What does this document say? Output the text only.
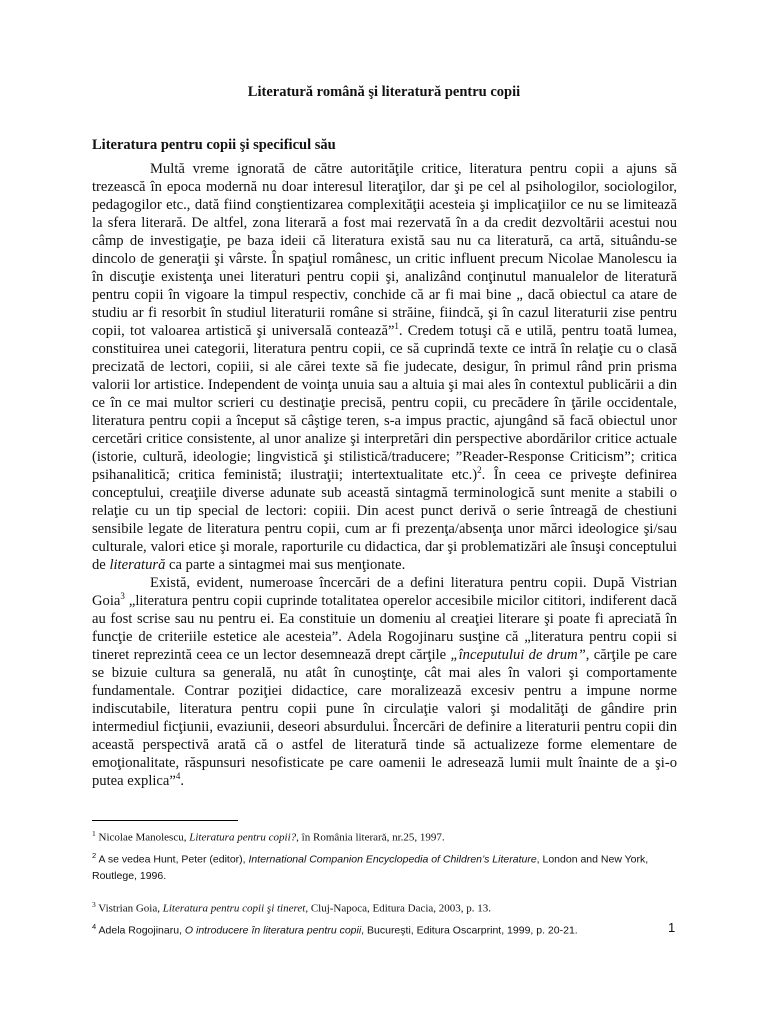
Literatură română şi literatură pentru copii
Literatura pentru copii şi specificul său

Multă vreme ignorată de către autorităţile critice, literatura pentru copii a ajuns să trezească în epoca modernă nu doar interesul literaţilor, dar şi pe cel al psihologilor, sociologilor, pedagogilor etc., dată fiind conştientizarea complexităţii acesteia şi implicaţiilor ce nu se limitează la sfera literară. De altfel, zona literară a fost mai rezervată în a da credit dezvoltării acestui nou câmp de investigaţie, pe baza ideii că literatura există sau nu ca literatură, ca artă, situându-se dincolo de generaţii şi vârste. În spaţiul românesc, un critic influent precum Nicolae Manolescu ia în discuţie existenţa unei literaturi pentru copii şi, analizând conţinutul manualelor de literatură pentru copii în vigoare la timpul respectiv, conchide că ar fi mai bine „ dacă obiectul ca atare de studiu ar fi resorbit în studiul literaturii române si străine, fiindcă, şi în cazul literaturii zise pentru copii, tot valoarea artistică şi universală contează”$^1$. Credem totuşi că e utilă, pentru toată lumea, constituirea unei categorii, literatura pentru copii, ce să cuprindă texte ce intră în relaţie cu o clasă precizată de lectori, copiii, si ale cărei texte să fie judecate, desigur, în primul rând prin prisma valorii lor artistice. Independent de voinţa unuia sau a altuia şi mai ales în contextul publicării a din ce în ce mai multor scrieri cu destinaţie precisă, pentru copii, cu precădere în ţările occidentale, literatura pentru copii a început să câştige teren, s-a impus practic, ajungând să facă obiectul unor cercetări critice consistente, al unor analize şi interpretări din perspective abordărilor critice actuale (istorie, cultură, ideologie; lingvistică şi stilistică/traducere; ”Reader-Response Criticism”; critica psihanalitică; critica feministă; ilustraţii; intertextualitate etc.)$^2$. În ceea ce priveşte definirea conceptului, creaţiile diverse adunate sub această sintagmă terminologică sunt menite a stabili o relaţie cu un tip special de lectori: copiii. Din acest punct derivă o serie întreagă de chestiuni sensibile legate de literatura pentru copii, cum ar fi prezenţa/absenţa unor mărci ideologice şi/sau culturale, valori etice şi morale, raporturile cu didactica, dar şi problematizări ale însuşi conceptului de literatură ca parte a sintagmei mai sus menţionate.

Există, evident, numeroase încercări de a defini literatura pentru copii. După Vistrian Goia$^3$ „literatura pentru copii cuprinde totalitatea operelor accesibile micilor cititori, indiferent dacă au fost scrise sau nu pentru ei. Ea constituie un domeniu al creaţiei literare şi poate fi apreciată în funcţie de criteriile estetice ale acesteia”. Adela Rogojinaru susţine că „literatura pentru copii si tineret reprezintă ceea ce un lector desemnează drept cărţile „începutului de drum”, cărţile pe care se bizuie cultura sa generală, nu atât în cunoştinţe, cât mai ales în valori şi comportamente fundamentale. Contrar poziţiei didactice, care moralizează excesiv pentru a impune norme indiscutabile, literatura pentru copii pune în circulaţie valori şi modalităţi de gândire prin intermediul ficţiunii, evaziunii, deseori absurdului. Încercări de definire a literaturii pentru copii din această perspectivă arată că o astfel de literatură tinde să actualizeze forme elementare de emoţionalitate, răspunsuri nesofisticate pe care oamenii le adresează lumii mult înainte de a şi-o putea explica”$^4$.

$^1$ Nicolae Manolescu, Literatura pentru copii?, în România literară, nr.25, 1997.

$^2$ A se vedea Hunt, Peter (editor), International Companion Encyclopedia of Children’s Literature, London and New York, Routlege, 1996.

$^3$ Vistrian Goia, Literatura pentru copii şi tineret, Cluj-Napoca, Editura Dacia, 2003, p. 13.

$^4$ Adela Rogojinaru, O introducere în literatura pentru copii, Bucureşti, Editura Oscarprint, 1999, p. 20-21.	1
